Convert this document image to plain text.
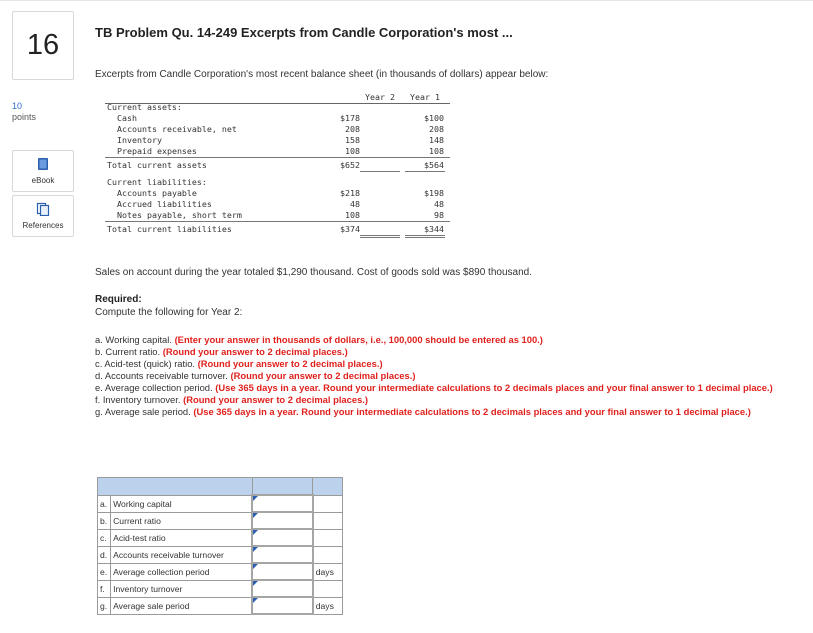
16
10
points
eBook
References
TB Problem Qu. 14-249 Excerpts from Candle Corporation's most ...
Excerpts from Candle Corporation's most recent balance sheet (in thousands of dollars) appear below:
Year 2	Year 1
Current assets:
Cash	$178	$100
Accounts receivable, net	208	208
Inventory	158	148
Prepaid expenses	108	108
Total current assets	$652	$564
Current liabilities:
Accounts payable	$218	$198
Accrued liabilities	48	48
Notes payable, short term	108	98
Total current liabilities	$374	$344
Sales on account during the year totaled $1,290 thousand. Cost of goods sold was $890 thousand.
Required:
Compute the following for Year 2:

a. Working capital. (Enter your answer in thousands of dollars, i.e., 100,000 should be entered as 100.)

b. Current ratio. (Round your answer to 2 decimal places.)

c. Acid-test (quick) ratio. (Round your answer to 2 decimal places.)

d. Accounts receivable turnover. (Round your answer to 2 decimal places.)

e. Average collection period. (Use 365 days in a year. Round your intermediate calculations to 2 decimals places and your final answer to 1 decimal place.)

f. Inventory turnover. (Round your answer to 2 decimal places.)

g. Average sale period. (Use 365 days in a year. Round your intermediate calculations to 2 decimals places and your final answer to 1 decimal place.)

a.	Working capital		
b.	Current ratio		
c.	Acid-test ratio		
d.	Accounts receivable turnover		
e.	Average collection period		days
f.	Inventory turnover		
g.	Average sale period		days
